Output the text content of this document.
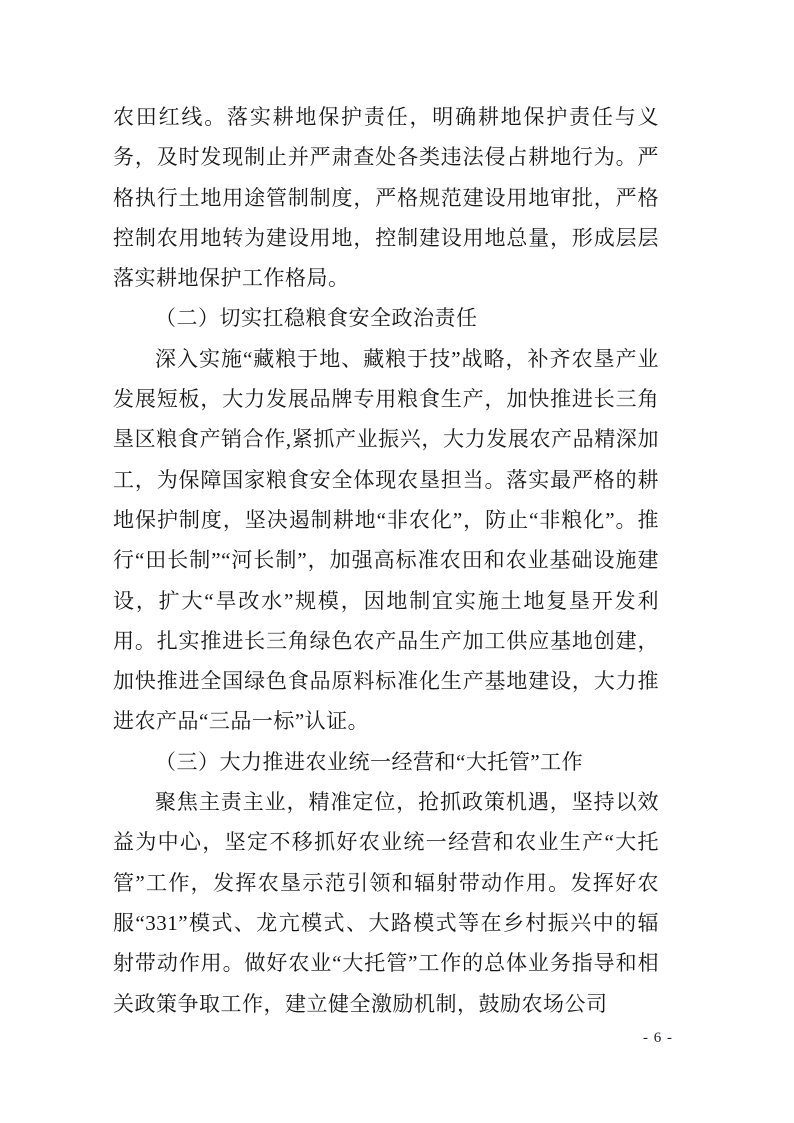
农田红线。落实耕地保护责任，明确耕地保护责任与义务，及时发现制止并严肃查处各类违法侵占耕地行为。严格执行土地用途管制制度，严格规范建设用地审批，严格控制农用地转为建设用地，控制建设用地总量，形成层层落实耕地保护工作格局。

（二）切实扛稳粮食安全政治责任

深入实施“藏粮于地、藏粮于技”战略，补齐农垦产业发展短板，大力发展品牌专用粮食生产，加快推进长三角垦区粮食产销合作,紧抓产业振兴，大力发展农产品精深加工，为保障国家粮食安全体现农垦担当。落实最严格的耕地保护制度，坚决遏制耕地“非农化”，防止“非粮化”。推行“田长制”“河长制”，加强高标准农田和农业基础设施建设，扩大“旱改水”规模，因地制宜实施土地复垦开发利用。扎实推进长三角绿色农产品生产加工供应基地创建，加快推进全国绿色食品原料标准化生产基地建设，大力推进农产品“三品一标”认证。

（三）大力推进农业统一经营和“大托管”工作

聚焦主责主业，精准定位，抢抓政策机遇，坚持以效益为中心，坚定不移抓好农业统一经营和农业生产“大托管”工作，发挥农垦示范引领和辐射带动作用。发挥好农服“331”模式、龙亢模式、大路模式等在乡村振兴中的辐射带动作用。做好农业“大托管”工作的总体业务指导和相关政策争取工作，建立健全激励机制，鼓励农场公司

- 6 -
